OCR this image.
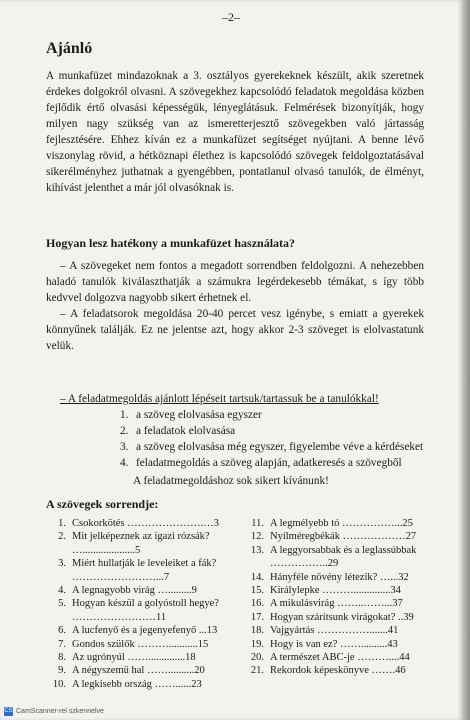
–2–
Ajánló

A munkafüzet mindazoknak a 3. osztályos gyerekeknek készült, akik szeretnek érdekes dolgokról olvasni. A szövegekhez kapcsolódó feladatok megoldása közben fejlődik értő olvasási képességük, lényeglátásuk. Felmérések bizonyítják, hogy milyen nagy szükség van az ismeretterjesztő szövegekben való jártasság fejlesztésére. Ehhez kíván ez a munkafüzet segítséget nyújtani. A benne lévő viszonylag rövid, a hétköznapi élethez is kapcsolódó szövegek feldolgoztatásával sikerélményhez juthatnak a gyengébben, pontatlanul olvasó tanulók, de élményt, kihívást jelenthet a már jól olvasóknak is.

Hogyan lesz hatékony a munkafüzet használata?

– A szövegeket nem fontos a megadott sorrendben feldolgozni. A nehezebben haladó tanulók kiválaszthatják a számukra legérdekesebb témákat, s így több kedvvel dolgozva nagyobb sikert érhetnek el.

– A feladatsorok megoldása 20-40 percet vesz igénybe, s emiatt a gyerekek könnyűnek találják. Ez ne jelentse azt, hogy akkor 2-3 szöveget is elolvastatunk velük.

– A feladatmegoldás ajánlott lépéseit tartsuk/tartassuk be a tanulókkal!

1. a szöveg elolvasása egyszer
2. a feladatok elolvasása
3. a szöveg elolvasása még egyszer, figyelembe véve a kérdéseket
4. feladatmegoldás a szöveg alapján, adatkeresés a szövegből
A feladatmegoldáshoz sok sikert kívánunk!
A szövegek sorrendje:
1. Csokorkötés ………………….…3
2. Mit jelképeznek az igazi rózsák? …....................5
3. Miért hullatják le leveleiket a fák? ……………………...7
4. A legnagyobb virág ….........9
5. Hogyan készül a golyóstoll hegye? ……………………11
6. A lucfenyő és a jegenyefenyő ...13
7. Gondos szülők ………...........15
8. Az ugrónyúl ……..............18
9. A négyszemű hal ……..........20
10. A legkisebb ország ……......23
11. A legmélyebb tó ……………...25
12. Nyílméregbékák ………………27
13. A leggyorsabbak és a leglassúbbak ……………..29
14. Hányféle növény létezik? …...32
15. Királylepke ………..............34
16. A mikulásvirág ……..……...37
17. Hogyan szárítsunk virágokat? ..39
18. Vajgyártás …………….......41
19. Hogy is van ez? ……..........43
20. A természet ABC-je ………....44
21. Rekordok képeskönyve …….46
CS CamScanner-rel szkennelve
